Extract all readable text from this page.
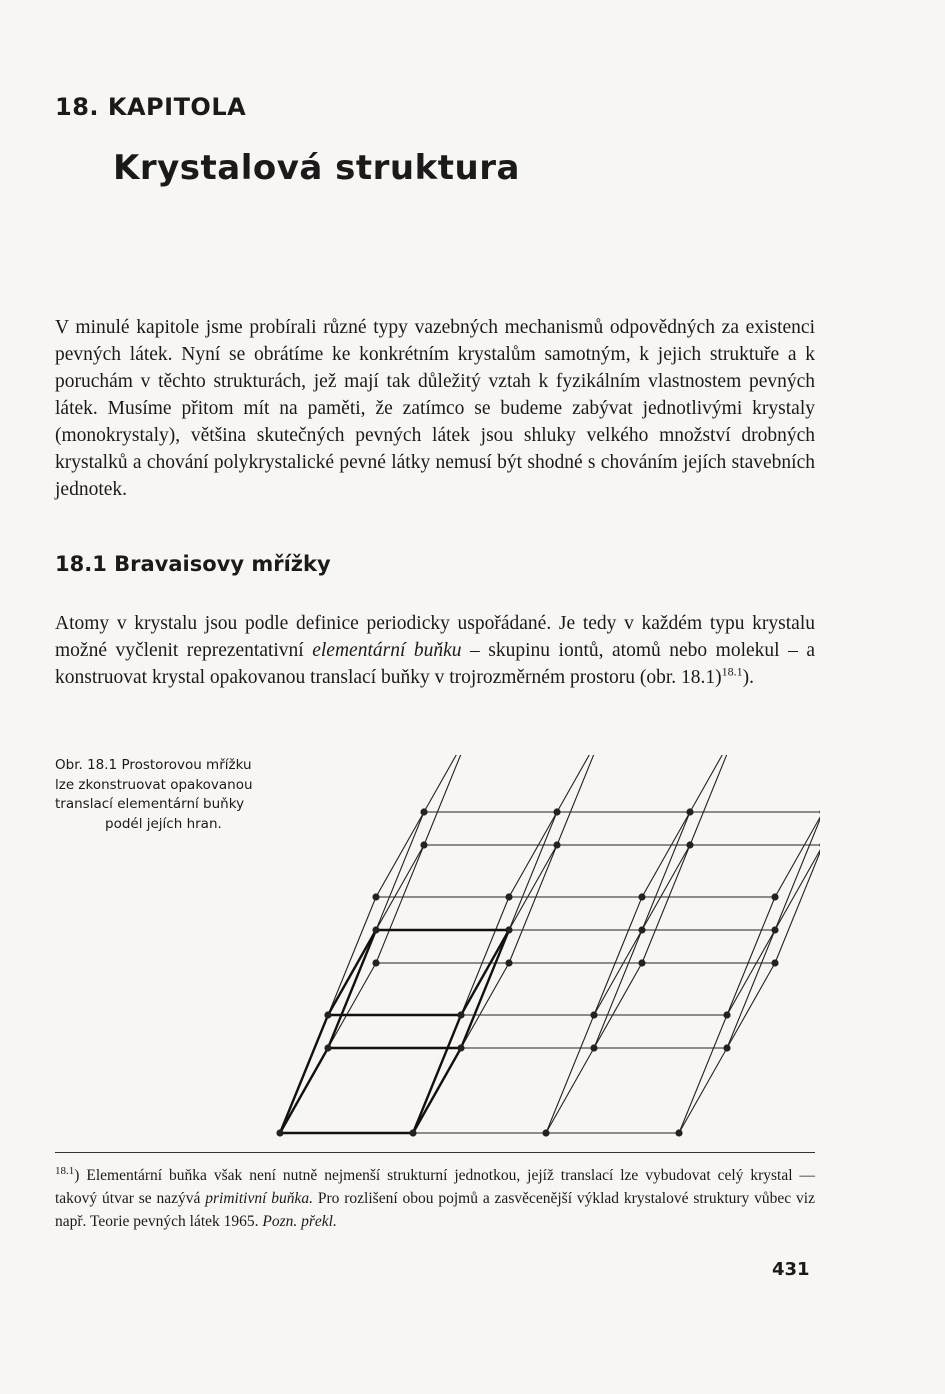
18. KAPITOLA
Krystalová struktura
V minulé kapitole jsme probírali různé typy vazebných mechanismů odpovědných za existenci pevných látek. Nyní se obrátíme ke konkrétním krystalům samotným, k jejich struktuře a k poruchám v těchto strukturách, jež mají tak důležitý vztah k fyzikálním vlastnostem pevných látek. Musíme přitom mít na paměti, že zatímco se budeme zabývat jednotlivými krystaly (monokrystaly), většina skutečných pevných látek jsou shluky velkého množství drobných krystalků a chování polykrystalické pevné látky nemusí být shodné s chováním jejích stavebních jednotek.
18.1 Bravaisovy mřížky
Atomy v krystalu jsou podle definice periodicky uspořádané. Je tedy v každém typu krystalu možné vyčlenit reprezentativní elementární buňku – skupinu iontů, atomů nebo molekul – a konstruovat krystal opakovanou translací buňky v trojrozměrném prostoru (obr. 18.1)$^{18.1}$).
Obr. 18.1 Prostorovou mřížku
lze zkonstruovat opakovanou
translací elementární buňky
podél jejích hran.
$^{18.1}$) Elementární buňka však není nutně nejmenší strukturní jednotkou, jejíž translací lze vybudovat celý krystal — takový útvar se nazývá primitivní buňka. Pro rozlišení obou pojmů a zasvěcenější výklad krystalové struktury vůbec viz např. Teorie pevných látek 1965. Pozn. překl.
431
